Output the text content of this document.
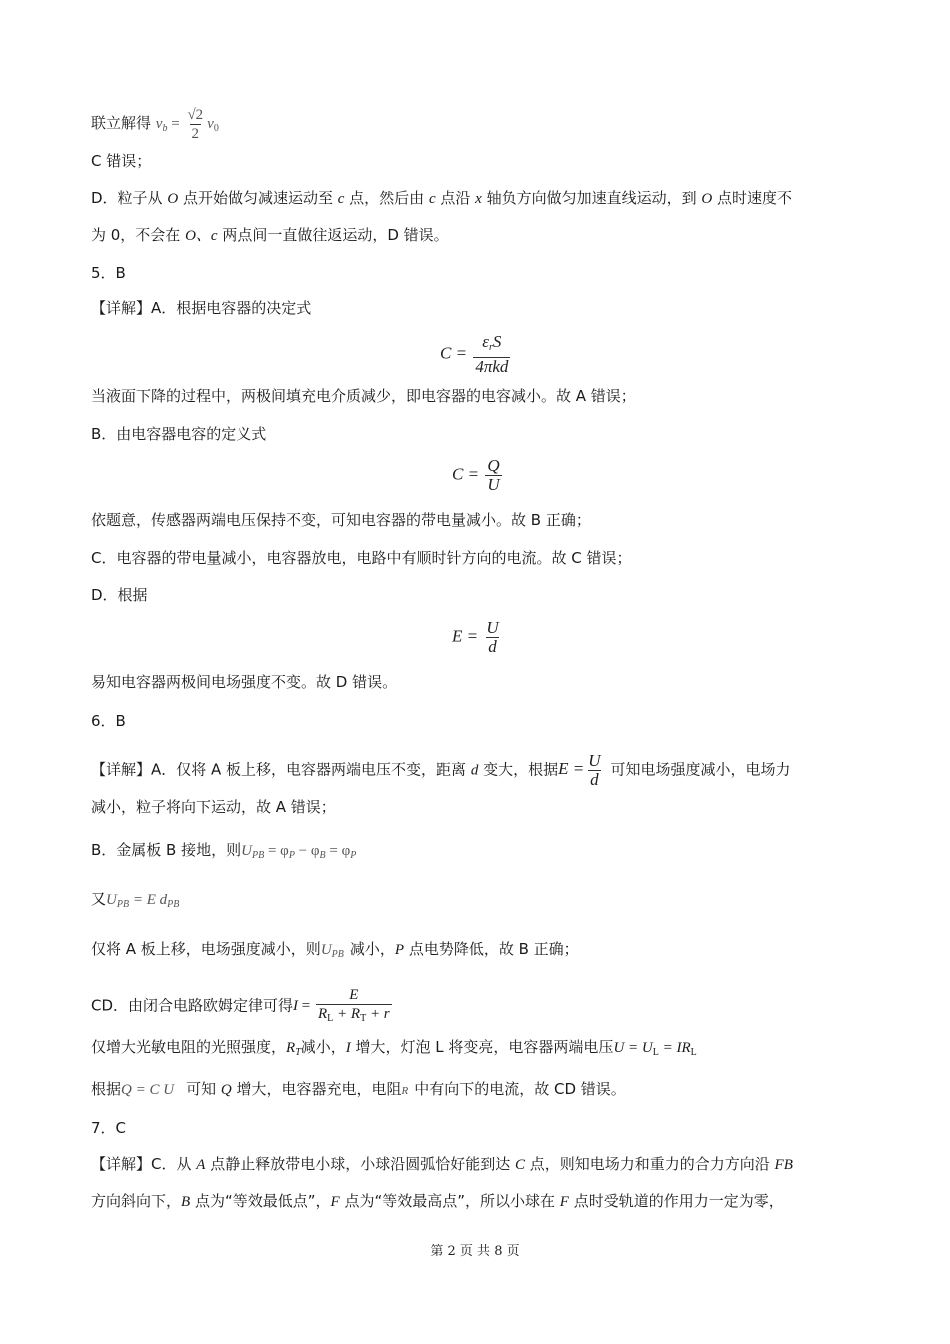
联立解得 $v_b = \frac{√2}{2} v_0$
C 错误；
D．粒子从 O 点开始做匀减速运动至 c 点，然后由 c 点沿 x 轴负方向做匀加速直线运动，到 O 点时速度不
为 0，不会在 O、c 两点间一直做往返运动，D 错误。
5．B
【详解】A．根据电容器的决定式
$C = \frac{\varepsilon_rS}{\text{4πkd}}$
当液面下降的过程中，两极间填充电介质减少，即电容器的电容减小。故 A 错误；
B．由电容器电容的定义式
$C = \frac{Q}{U}$
依题意，传感器两端电压保持不变，可知电容器的带电量减小。故 B 正确；
C．电容器的带电量减小，电容器放电，电路中有顺时针方向的电流。故 C 错误；
D．根据
$E = \frac{U}{d}$
易知电容器两极间电场强度不变。故 D 错误。
6．B
【详解】A．仅将 A 板上移，电容器两端电压不变，距离 d 变大，根据$E = \frac{U}{d}$ 可知电场强度减小，电场力
减小，粒子将向下运动，故 A 错误；
B．金属板 B 接地，则$U_{PB} = \varphi_P - \varphi_B = \varphi_P$
又$U_{PB} = E$ $d_{PB}$
仅将 A 板上移，电场强度减小，则$U_{PB}$ 减小，P 点电势降低，故 B 正确；
CD．由闭合电路欧姆定律可得$I = \frac{E}{R_L + R_T + r}$
仅增大光敏电阻的光照强度，$R_T$减小，I 增大，灯泡 L 将变亮，电容器两端电压$U = U_L = IR_L$
根据Q = C U 可知 Q 增大，电容器充电，电阻R 中有向下的电流，故 CD 错误。
7．C
【详解】C．从 A 点静止释放带电小球，小球沿圆弧恰好能到达 C 点，则知电场力和重力的合力方向沿 FB
方向斜向下，B 点为“等效最低点”，F 点为“等效最高点”，所以小球在 F 点时受轨道的作用力一定为零，
第 2 页 共 8 页
